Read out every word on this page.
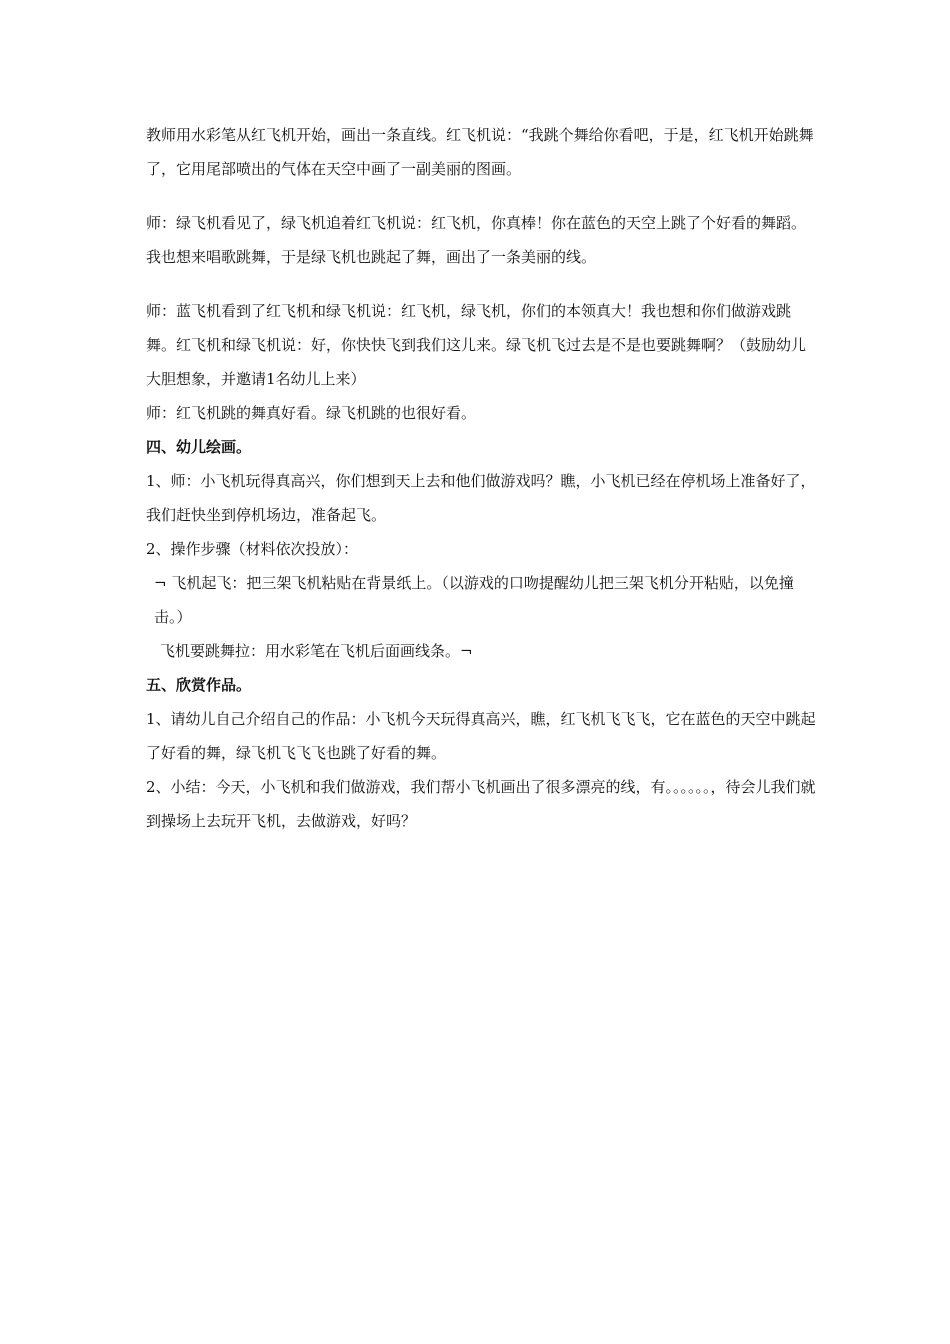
教师用水彩笔从红飞机开始，画出一条直线。红飞机说：“我跳个舞给你看吧，于是，红飞机开始跳舞了，它用尾部喷出的气体在天空中画了一副美丽的图画。

师：绿飞机看见了，绿飞机追着红飞机说：红飞机，你真棒！你在蓝色的天空上跳了个好看的舞蹈。我也想来唱歌跳舞，于是绿飞机也跳起了舞，画出了一条美丽的线。

师：蓝飞机看到了红飞机和绿飞机说：红飞机，绿飞机，你们的本领真大！我也想和你们做游戏跳舞。红飞机和绿飞机说：好，你快快飞到我们这儿来。绿飞机飞过去是不是也要跳舞啊？（鼓励幼儿大胆想象，并邀请1名幼儿上来）

师：红飞机跳的舞真好看。绿飞机跳的也很好看。

四、幼儿绘画。

1、师：小飞机玩得真高兴，你们想到天上去和他们做游戏吗？瞧，小飞机已经在停机场上准备好了，我们赶快坐到停机场边，准备起飞。

2、操作步骤（材料依次投放）：

¬ 飞机起飞：把三架飞机粘贴在背景纸上。（以游戏的口吻提醒幼儿把三架飞机分开粘贴，以免撞击。）

飞机要跳舞拉：用水彩笔在飞机后面画线条。¬

五、欣赏作品。

1、请幼儿自己介绍自己的作品：小飞机今天玩得真高兴，瞧，红飞机飞飞飞，它在蓝色的天空中跳起了好看的舞，绿飞机飞飞飞也跳了好看的舞。

2、小结：今天，小飞机和我们做游戏，我们帮小飞机画出了很多漂亮的线，有。。。。。。，待会儿我们就到操场上去玩开飞机，去做游戏，好吗？
